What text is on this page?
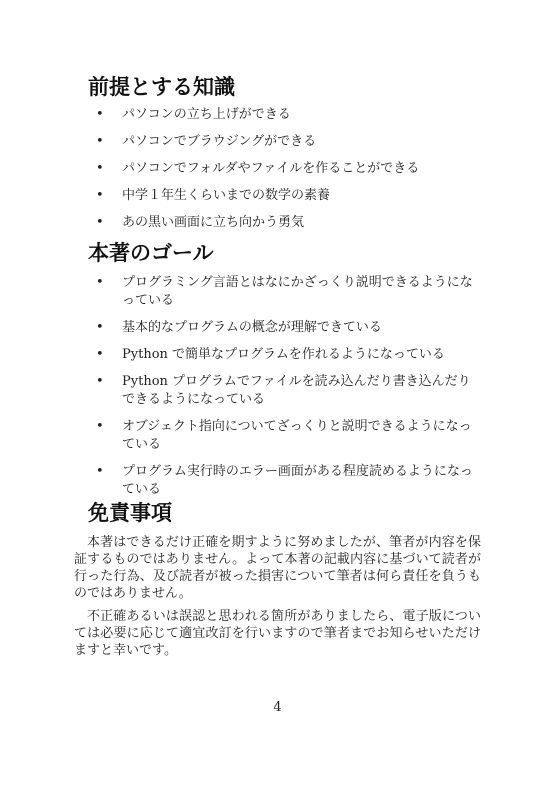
前提とする知識
• パソコンの立ち上げができる
• パソコンでブラウジングができる
• パソコンでフォルダやファイルを作ることができる
• 中学１年生くらいまでの数学の素養
• あの黒い画面に立ち向かう勇気
本著のゴール
• プログラミング言語とはなにかざっくり説明できるようになっている
• 基本的なプログラムの概念が理解できている
• Python で簡単なプログラムを作れるようになっている
• Python プログラムでファイルを読み込んだり書き込んだりできるようになっている
• オブジェクト指向についてざっくりと説明できるようになっている
• プログラム実行時のエラー画面がある程度読めるようになっている
免責事項

本著はできるだけ正確を期すように努めましたが、筆者が内容を保証するものではありません。よって本著の記載内容に基づいて読者が行った行為、及び読者が被った損害について筆者は何ら責任を負うものではありません。

不正確あるいは誤認と思われる箇所がありましたら、電子版については必要に応じて適宜改訂を行いますので筆者までお知らせいただけますと幸いです。

4
